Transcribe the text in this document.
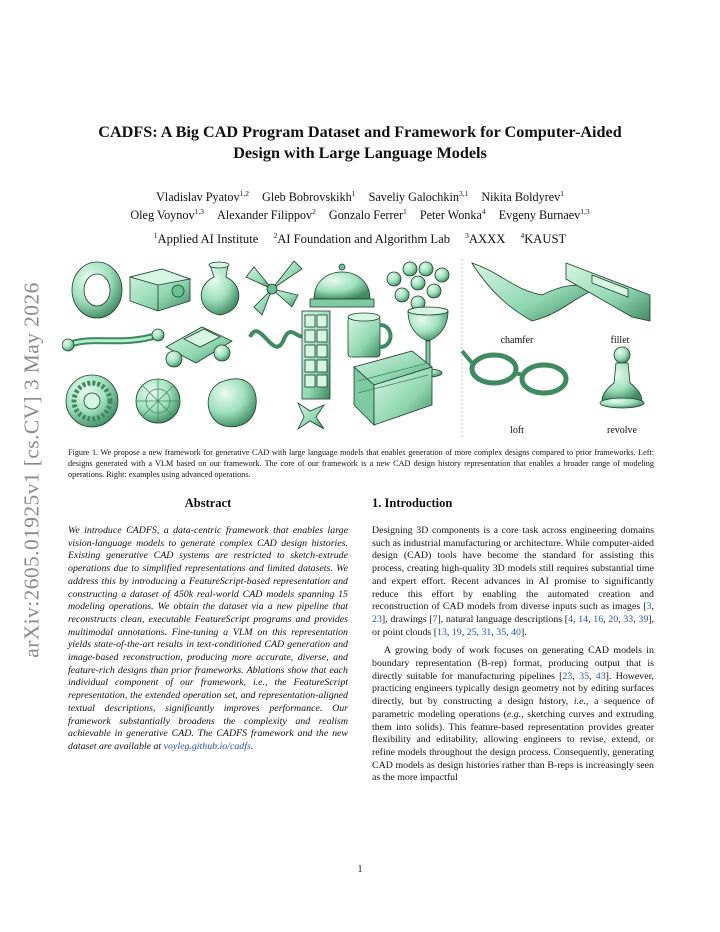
arXiv:2605.01925v1 [cs.CV] 3 May 2026
CADFS: A Big CAD Program Dataset and Framework for Computer-Aided Design with Large Language Models
Vladislav Pyatov$^{1,2}$ Gleb Bobrovskikh$^1$ Saveliy Galochkin$^{3,1}$ Nikita Boldyrev$^1$
Oleg Voynov$^{1,3}$ Alexander Filippov$^2$ Gonzalo Ferrer$^1$ Peter Wonka$^4$ Evgeny Burnaev$^{1,3}$
$^1$Applied AI Institute $^2$AI Foundation and Algorithm Lab $^3$AXXX $^4$KAUST
chamfer	fillet
loft	revolve
Figure 1. We propose a new framework for generative CAD with large language models that enables generation of more complex designs compared to prior frameworks. Left: designs generated with a VLM based on our framework. The core of our framework is a new CAD design history representation that enables a broader range of modeling operations. Right: examples using advanced operations.
Abstract

We introduce CADFS, a data-centric framework that enables large vision-language models to generate complex CAD design histories. Existing generative CAD systems are restricted to sketch-extrude operations due to simplified representations and limited datasets. We address this by introducing a FeatureScript-based representation and constructing a dataset of 450k real-world CAD models spanning 15 modeling operations. We obtain the dataset via a new pipeline that reconstructs clean, executable FeatureScript programs and provides multimodal annotations. Fine-tuning a VLM on this representation yields state-of-the-art results in text-conditioned CAD generation and image-based reconstruction, producing more accurate, diverse, and feature-rich designs than prior frameworks. Ablations show that each individual component of our framework, i.e., the FeatureScript representation, the extended operation set, and representation-aligned textual descriptions, significantly improves performance. Our framework substantially broadens the complexity and realism achievable in generative CAD. The CADFS framework and the new dataset are available at voyleg.github.io/cadfs.

1. Introduction

Designing 3D components is a core task across engineering domains such as industrial manufacturing or architecture. While computer-aided design (CAD) tools have become the standard for assisting this process, creating high-quality 3D models still requires substantial time and expert effort. Recent advances in AI promise to significantly reduce this effort by enabling the automated creation and reconstruction of CAD models from diverse inputs such as images [3, 23], drawings [7], natural language descriptions [4, 14, 16, 20, 33, 39], or point clouds [13, 19, 25, 31, 35, 40].

A growing body of work focuses on generating CAD models in boundary representation (B-rep) format, producing output that is directly suitable for manufacturing pipelines [23, 35, 43]. However, practicing engineers typically design geometry not by editing surfaces directly, but by constructing a design history, i.e., a sequence of parametric modeling operations (e.g., sketching curves and extruding them into solids). This feature-based representation provides greater flexibility and editability, allowing engineers to revise, extend, or refine models throughout the design process. Consequently, generating CAD models as design histories rather than B-reps is increasingly seen as the more impactful

1
